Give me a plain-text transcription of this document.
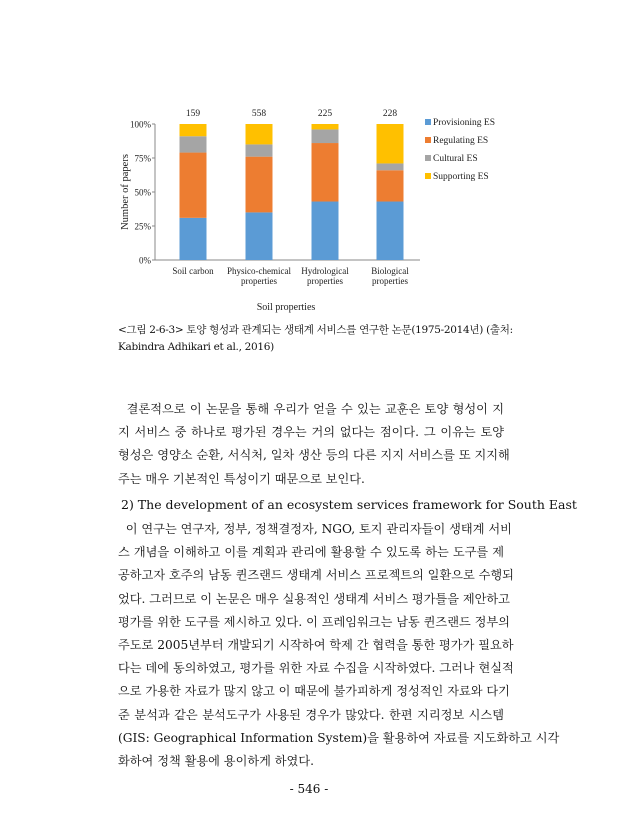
0%
25%
50%
75%
100%
Number of papers
159
Soil carbon
558
Physico-chemical
properties
225
Hydrological
properties
228
Biological
properties
Soil properties
Provisioning ES
Regulating ES
Cultural ES
Supporting ES
<그림 2-6-3> 토양 형성과 관계되는 생태계 서비스를 연구한 논문(1975-2014년) (출처:
Kabindra Adhikari et al., 2016)
결론적으로 이 논문을 통해 우리가 얻을 수 있는 교훈은 토양 형성이 지
지 서비스 중 하나로 평가된 경우는 거의 없다는 점이다. 그 이유는 토양
형성은 영양소 순환, 서식처, 일차 생산 등의 다른 지지 서비스를 또 지지해
주는 매우 기본적인 특성이기 때문으로 보인다.
2) The development of an ecosystem services framework for South East
이 연구는 연구자, 정부, 정책결정자, NGO, 토지 관리자들이 생태계 서비
스 개념을 이해하고 이를 계획과 관리에 활용할 수 있도록 하는 도구를 제
공하고자 호주의 남동 퀸즈랜드 생태계 서비스 프로젝트의 일환으로 수행되
었다. 그러므로 이 논문은 매우 실용적인 생태계 서비스 평가틀을 제안하고
평가를 위한 도구를 제시하고 있다. 이 프레임워크는 남동 퀸즈랜드 정부의
주도로 2005년부터 개발되기 시작하여 학제 간 협력을 통한 평가가 필요하
다는 데에 동의하였고, 평가를 위한 자료 수집을 시작하였다. 그러나 현실적
으로 가용한 자료가 많지 않고 이 때문에 불가피하게 정성적인 자료와 다기
준 분석과 같은 분석도구가 사용된 경우가 많았다. 한편 지리정보 시스템
(GIS: Geographical Information System)을 활용하여 자료를 지도화하고 시각
화하여 정책 활용에 용이하게 하였다.
- 546 -
